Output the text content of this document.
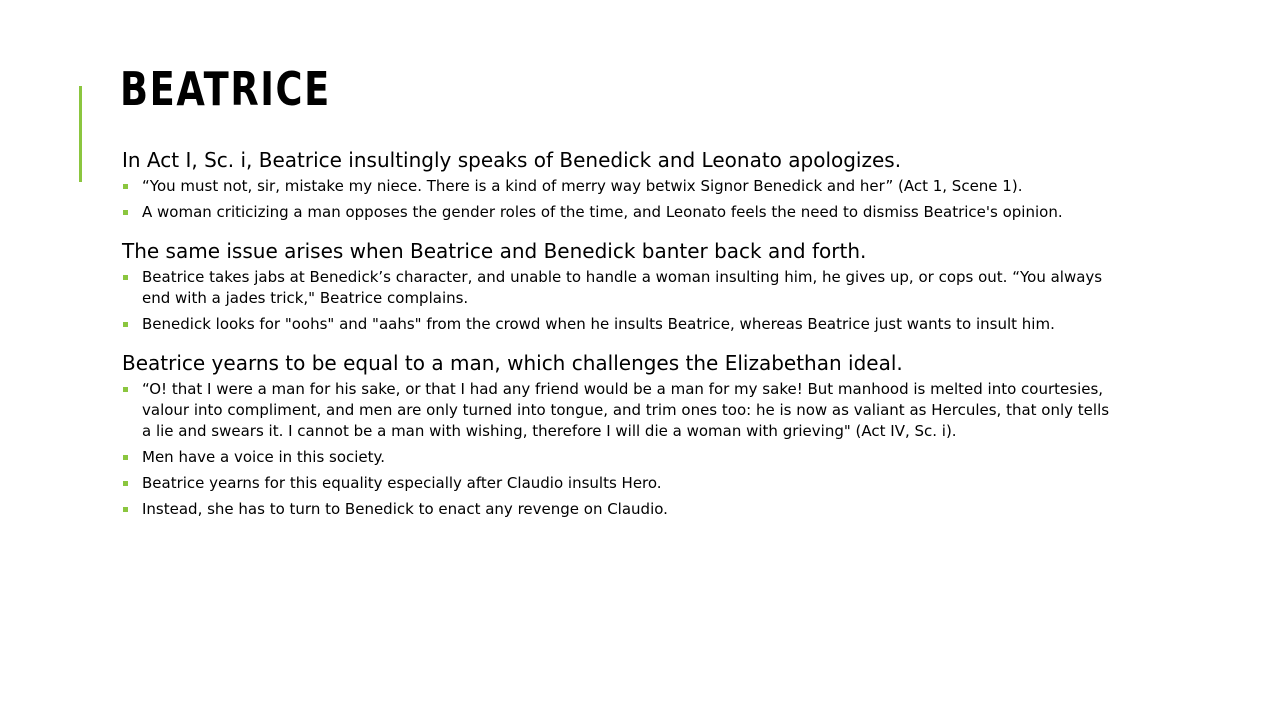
BEATRICE

In Act I, Sc. i, Beatrice insultingly speaks of Benedick and Leonato apologizes.

“You must not, sir, mistake my niece. There is a kind of merry way betwix Signor Benedick and her” (Act 1, Scene 1).
A woman criticizing a man opposes the gender roles of the time, and Leonato feels the need to dismiss Beatrice's opinion.

The same issue arises when Beatrice and Benedick banter back and forth.

Beatrice takes jabs at Benedick’s character, and unable to handle a woman insulting him, he gives up, or cops out. “You always end with a jades trick," Beatrice complains.
Benedick looks for "oohs" and "aahs" from the crowd when he insults Beatrice, whereas Beatrice just wants to insult him.

Beatrice yearns to be equal to a man, which challenges the Elizabethan ideal.

“O! that I were a man for his sake, or that I had any friend would be a man for my sake! But manhood is melted into courtesies, valour into compliment, and men are only turned into tongue, and trim ones too: he is now as valiant as Hercules, that only tells a lie and swears it. I cannot be a man with wishing, therefore I will die a woman with grieving" (Act IV, Sc. i).
Men have a voice in this society.
Beatrice yearns for this equality especially after Claudio insults Hero.
Instead, she has to turn to Benedick to enact any revenge on Claudio.
